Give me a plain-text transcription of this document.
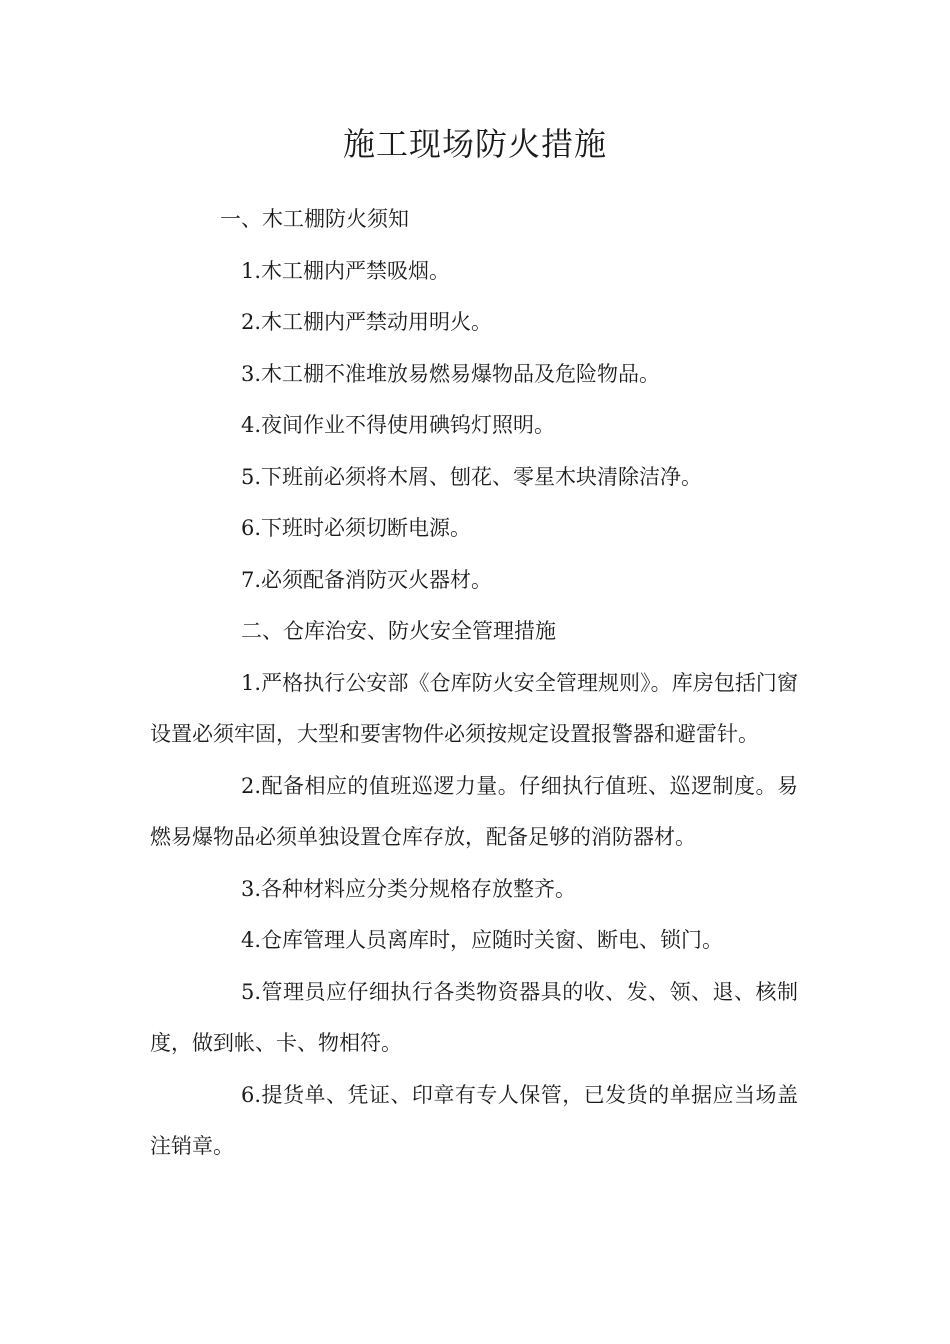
施工现场防火措施

一、木工棚防火须知

1.木工棚内严禁吸烟。

2.木工棚内严禁动用明火。

3.木工棚不准堆放易燃易爆物品及危险物品。

4.夜间作业不得使用碘钨灯照明。

5.下班前必须将木屑、刨花、零星木块清除洁净。

6.下班时必须切断电源。

7.必须配备消防灭火器材。

二、仓库治安、防火安全管理措施

1.严格执行公安部《仓库防火安全管理规则》。库房包括门窗设置必须牢固，大型和要害物件必须按规定设置报警器和避雷针。

2.配备相应的值班巡逻力量。仔细执行值班、巡逻制度。易燃易爆物品必须单独设置仓库存放，配备足够的消防器材。

3.各种材料应分类分规格存放整齐。

4.仓库管理人员离库时，应随时关窗、断电、锁门。

5.管理员应仔细执行各类物资器具的收、发、领、退、核制度，做到帐、卡、物相符。

6.提货单、凭证、印章有专人保管，已发货的单据应当场盖注销章。
